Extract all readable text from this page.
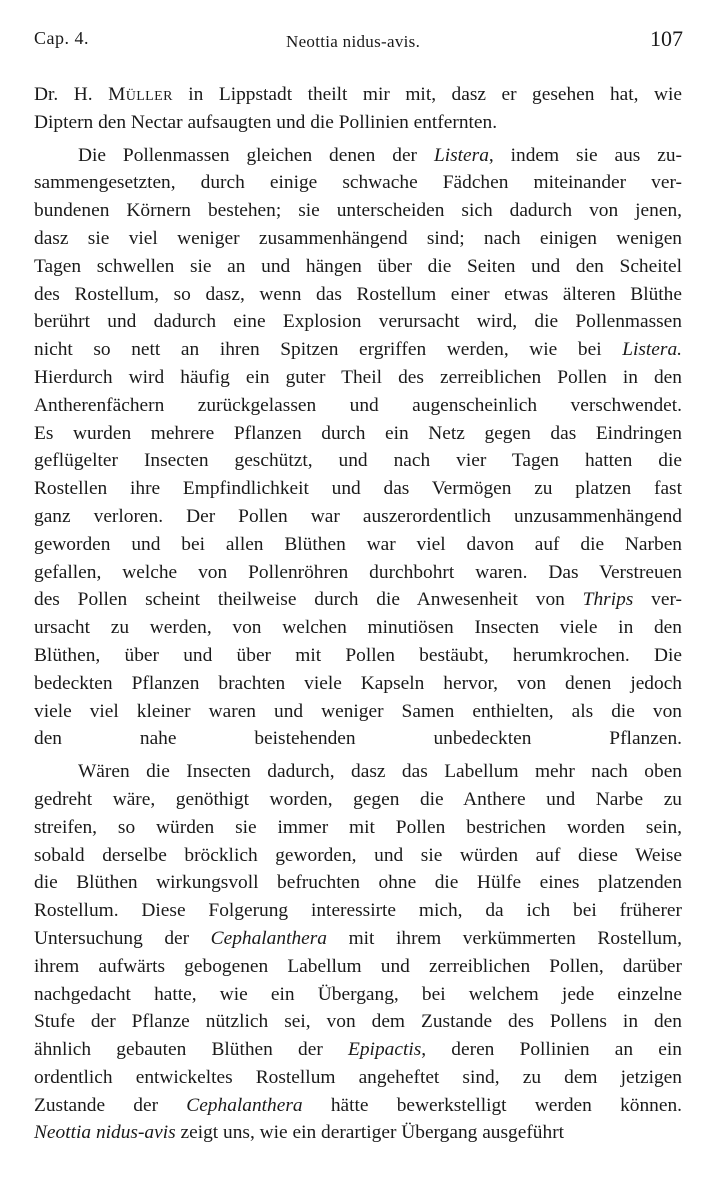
Cap. 4.	Neottia nidus-avis.	107
Dr. H. Müller in Lippstadt theilt mir mit, dasz er gesehen hat, wie
Diptern den Nectar aufsaugten und die Pollinien entfernten.
Die Pollenmassen gleichen denen der Listera, indem sie aus zu-
sammengesetzten, durch einige schwache Fädchen miteinander ver-
bundenen Körnern bestehen; sie unterscheiden sich dadurch von jenen,
dasz sie viel weniger zusammenhängend sind; nach einigen wenigen
Tagen schwellen sie an und hängen über die Seiten und den Scheitel
des Rostellum, so dasz, wenn das Rostellum einer etwas älteren Blüthe
berührt und dadurch eine Explosion verursacht wird, die Pollenmassen
nicht so nett an ihren Spitzen ergriffen werden, wie bei Listera.
Hierdurch wird häufig ein guter Theil des zerreiblichen Pollen in den
Antherenfächern zurückgelassen und augenscheinlich verschwendet.
Es wurden mehrere Pflanzen durch ein Netz gegen das Eindringen
geflügelter Insecten geschützt, und nach vier Tagen hatten die
Rostellen ihre Empfindlichkeit und das Vermögen zu platzen fast
ganz verloren. Der Pollen war auszerordentlich unzusammenhängend
geworden und bei allen Blüthen war viel davon auf die Narben
gefallen, welche von Pollenröhren durchbohrt waren. Das Verstreuen
des Pollen scheint theilweise durch die Anwesenheit von Thrips ver-
ursacht zu werden, von welchen minutiösen Insecten viele in den
Blüthen, über und über mit Pollen bestäubt, herumkrochen. Die
bedeckten Pflanzen brachten viele Kapseln hervor, von denen jedoch
viele viel kleiner waren und weniger Samen enthielten, als die von
den nahe beistehenden unbedeckten Pflanzen.
Wären die Insecten dadurch, dasz das Labellum mehr nach oben
gedreht wäre, genöthigt worden, gegen die Anthere und Narbe zu
streifen, so würden sie immer mit Pollen bestrichen worden sein,
sobald derselbe bröcklich geworden, und sie würden auf diese Weise
die Blüthen wirkungsvoll befruchten ohne die Hülfe eines platzenden
Rostellum. Diese Folgerung interessirte mich, da ich bei früherer
Untersuchung der Cephalanthera mit ihrem verkümmerten Rostellum,
ihrem aufwärts gebogenen Labellum und zerreiblichen Pollen, darüber
nachgedacht hatte, wie ein Übergang, bei welchem jede einzelne
Stufe der Pflanze nützlich sei, von dem Zustande des Pollens in den
ähnlich gebauten Blüthen der Epipactis, deren Pollinien an ein
ordentlich entwickeltes Rostellum angeheftet sind, zu dem jetzigen
Zustande der Cephalanthera hätte bewerkstelligt werden können.
Neottia nidus-avis zeigt uns, wie ein derartiger Übergang ausgeführt
